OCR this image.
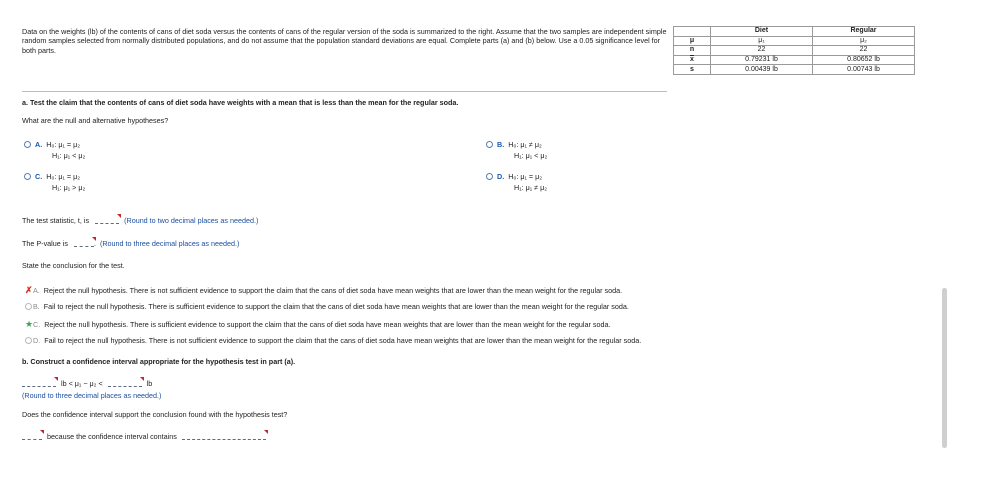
Data on the weights (lb) of the contents of cans of diet soda versus the contents of cans of the regular version of the soda is summarized to the right. Assume that the two samples are independent simple random samples selected from normally distributed populations, and do not assume that the population standard deviations are equal. Complete parts (a) and (b) below. Use a 0.05 significance level for both parts.
	Diet	Regular
μ	μ₁	μ₂
n	22	22
$\overline{x}$	0.79231 lb	0.80652 lb
s	0.00439 lb	0.00743 lb
a. Test the claim that the contents of cans of diet soda have weights with a mean that is less than the mean for the regular soda.
What are the null and alternative hypotheses?
A. H₀: μ₁ = μ₂
H₁: μ₁ < μ₂
B. H₀: μ₁ ≠ μ₂
H₁: μ₁ < μ₂
C. H₀: μ₁ = μ₂
H₁: μ₁ > μ₂
D. H₀: μ₁ = μ₂
H₁: μ₁ ≠ μ₂
The test statistic, t, is	(Round to two decimal places as needed.)
The P-value is	. (Round to three decimal places as needed.)
State the conclusion for the test.
✗A. Reject the null hypothesis. There is not sufficient evidence to support the claim that the cans of diet soda have mean weights that are lower than the mean weight for the regular soda.
B. Fail to reject the null hypothesis. There is sufficient evidence to support the claim that the cans of diet soda have mean weights that are lower than the mean weight for the regular soda.
★C. Reject the null hypothesis. There is sufficient evidence to support the claim that the cans of diet soda have mean weights that are lower than the mean weight for the regular soda.
D. Fail to reject the null hypothesis. There is not sufficient evidence to support the claim that the cans of diet soda have mean weights that are lower than the mean weight for the regular soda.
b. Construct a confidence interval appropriate for the hypothesis test in part (a).
lb < μ₁ − μ₂ <	lb
(Round to three decimal places as needed.)
Does the confidence interval support the conclusion found with the hypothesis test?
because the confidence interval contains
